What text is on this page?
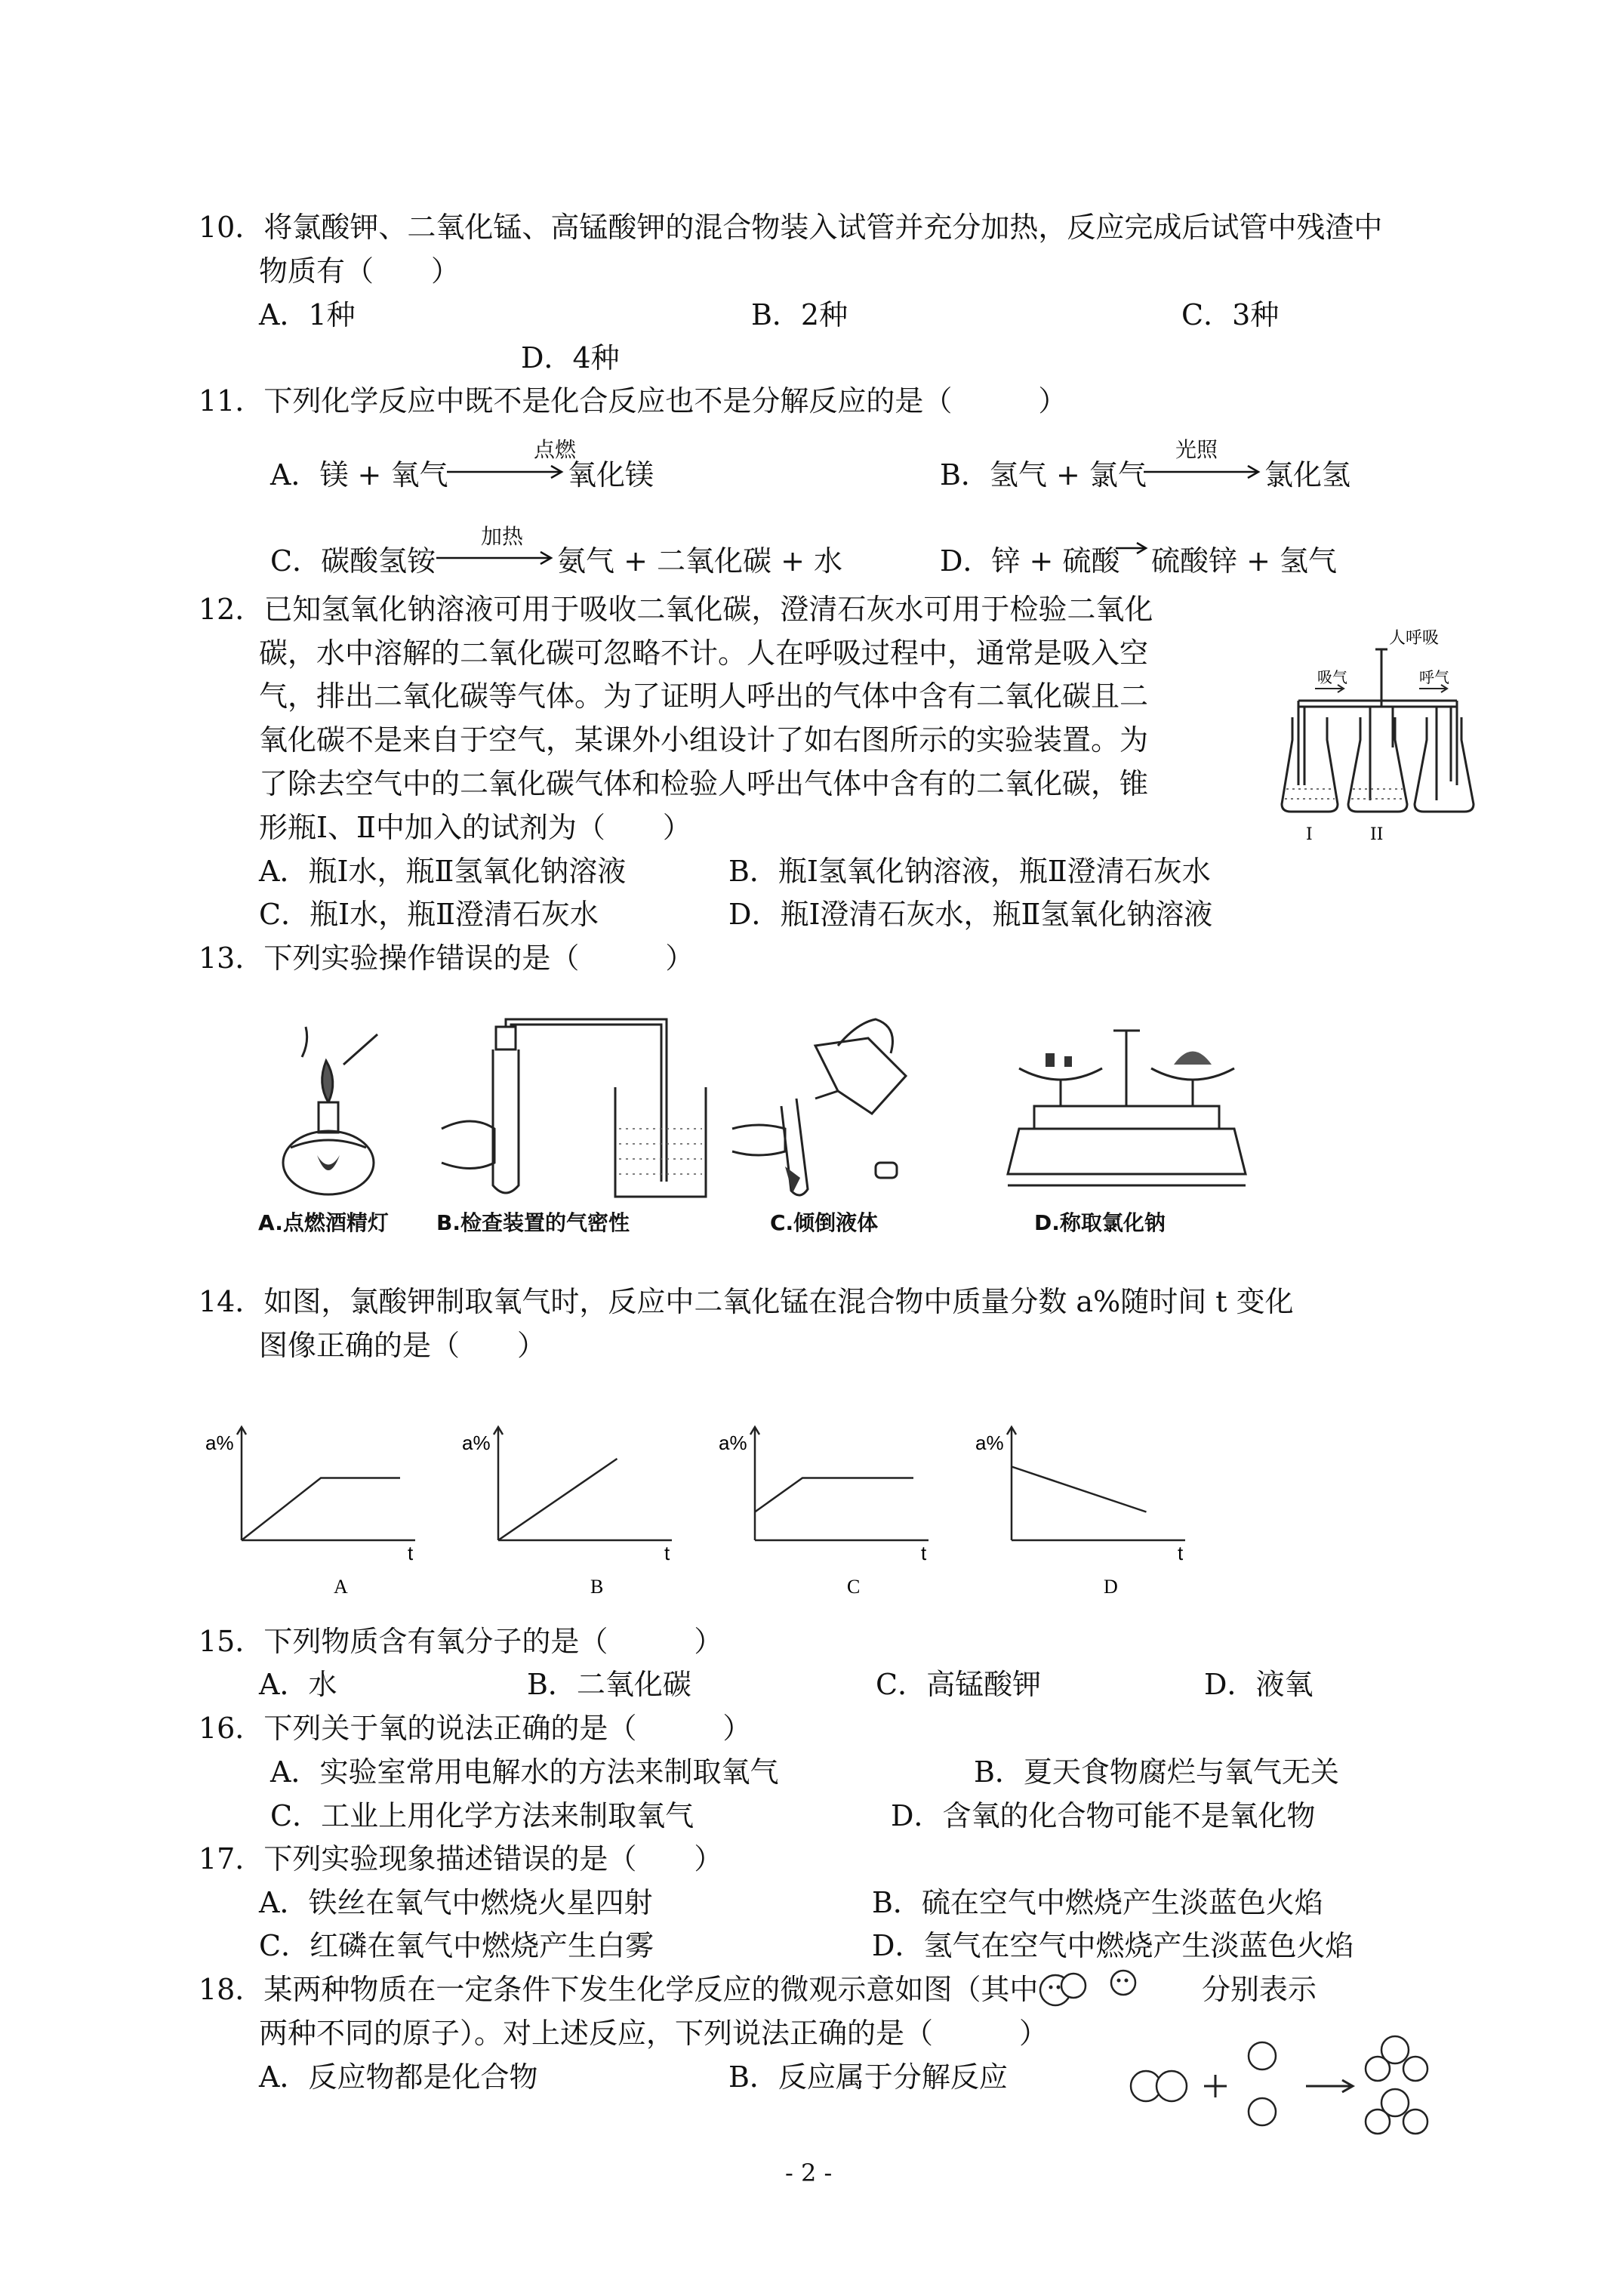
10．将氯酸钾、二氧化锰、高锰酸钾的混合物装入试管并充分加热，反应完成后试管中残渣中
物质有（　　）
A．1种	B．2种	C．3种
D．4种
11．下列化学反应中既不是化合反应也不是分解反应的是（　　　）
A．镁 + 氧气
点燃
氧化镁	B．氢气 + 氯气
光照
氯化氢
C．碳酸氢铵
加热
氨气 + 二氧化碳 + 水	D．锌 + 硫酸 硫酸锌 + 氢气
12．已知氢氧化钠溶液可用于吸收二氧化碳，澄清石灰水可用于检验二氧化
碳，水中溶解的二氧化碳可忽略不计。人在呼吸过程中，通常是吸入空
气，排出二氧化碳等气体。为了证明人呼出的气体中含有二氧化碳且二
氧化碳不是来自于空气，某课外小组设计了如右图所示的实验装置。为
了除去空气中的二氧化碳气体和检验人呼出气体中含有的二氧化碳，锥
形瓶Ⅰ、Ⅱ中加入的试剂为（　　）
A．瓶Ⅰ水，瓶Ⅱ氢氧化钠溶液	B．瓶Ⅰ氢氧化钠溶液，瓶Ⅱ澄清石灰水
C．瓶Ⅰ水，瓶Ⅱ澄清石灰水	D．瓶Ⅰ澄清石灰水，瓶Ⅱ氢氧化钠溶液
人呼吸
吸气	呼气
I	II
13．下列实验操作错误的是（　　　）
A.点燃酒精灯 B.检查装置的气密性	C.倾倒液体	D.称取氯化钠
14．如图，氯酸钾制取氧气时，反应中二氧化锰在混合物中质量分数 a%随时间 t 变化
图像正确的是（　　）
a%
t
A
a%
t
B
a%
t
C
a%
t
D
15．下列物质含有氧分子的是（　　　）
A．水	B．二氧化碳	C．高锰酸钾	D．液氧
16．下列关于氧的说法正确的是（　　　）
A．实验室常用电解水的方法来制取氧气	B．夏天食物腐烂与氧气无关
C．工业上用化学方法来制取氧气	D．含氧的化合物可能不是氧化物
17．下列实验现象描述错误的是（　　）
A．铁丝在氧气中燃烧火星四射	B．硫在空气中燃烧产生淡蓝色火焰
C．红磷在氧气中燃烧产生白雾	D．氢气在空气中燃烧产生淡蓝色火焰
18．某两种物质在一定条件下发生化学反应的微观示意如图（其中	分别表示
两种不同的原子）。对上述反应，下列说法正确的是（　　　）
A．反应物都是化合物	B．反应属于分解反应
- 2 -
